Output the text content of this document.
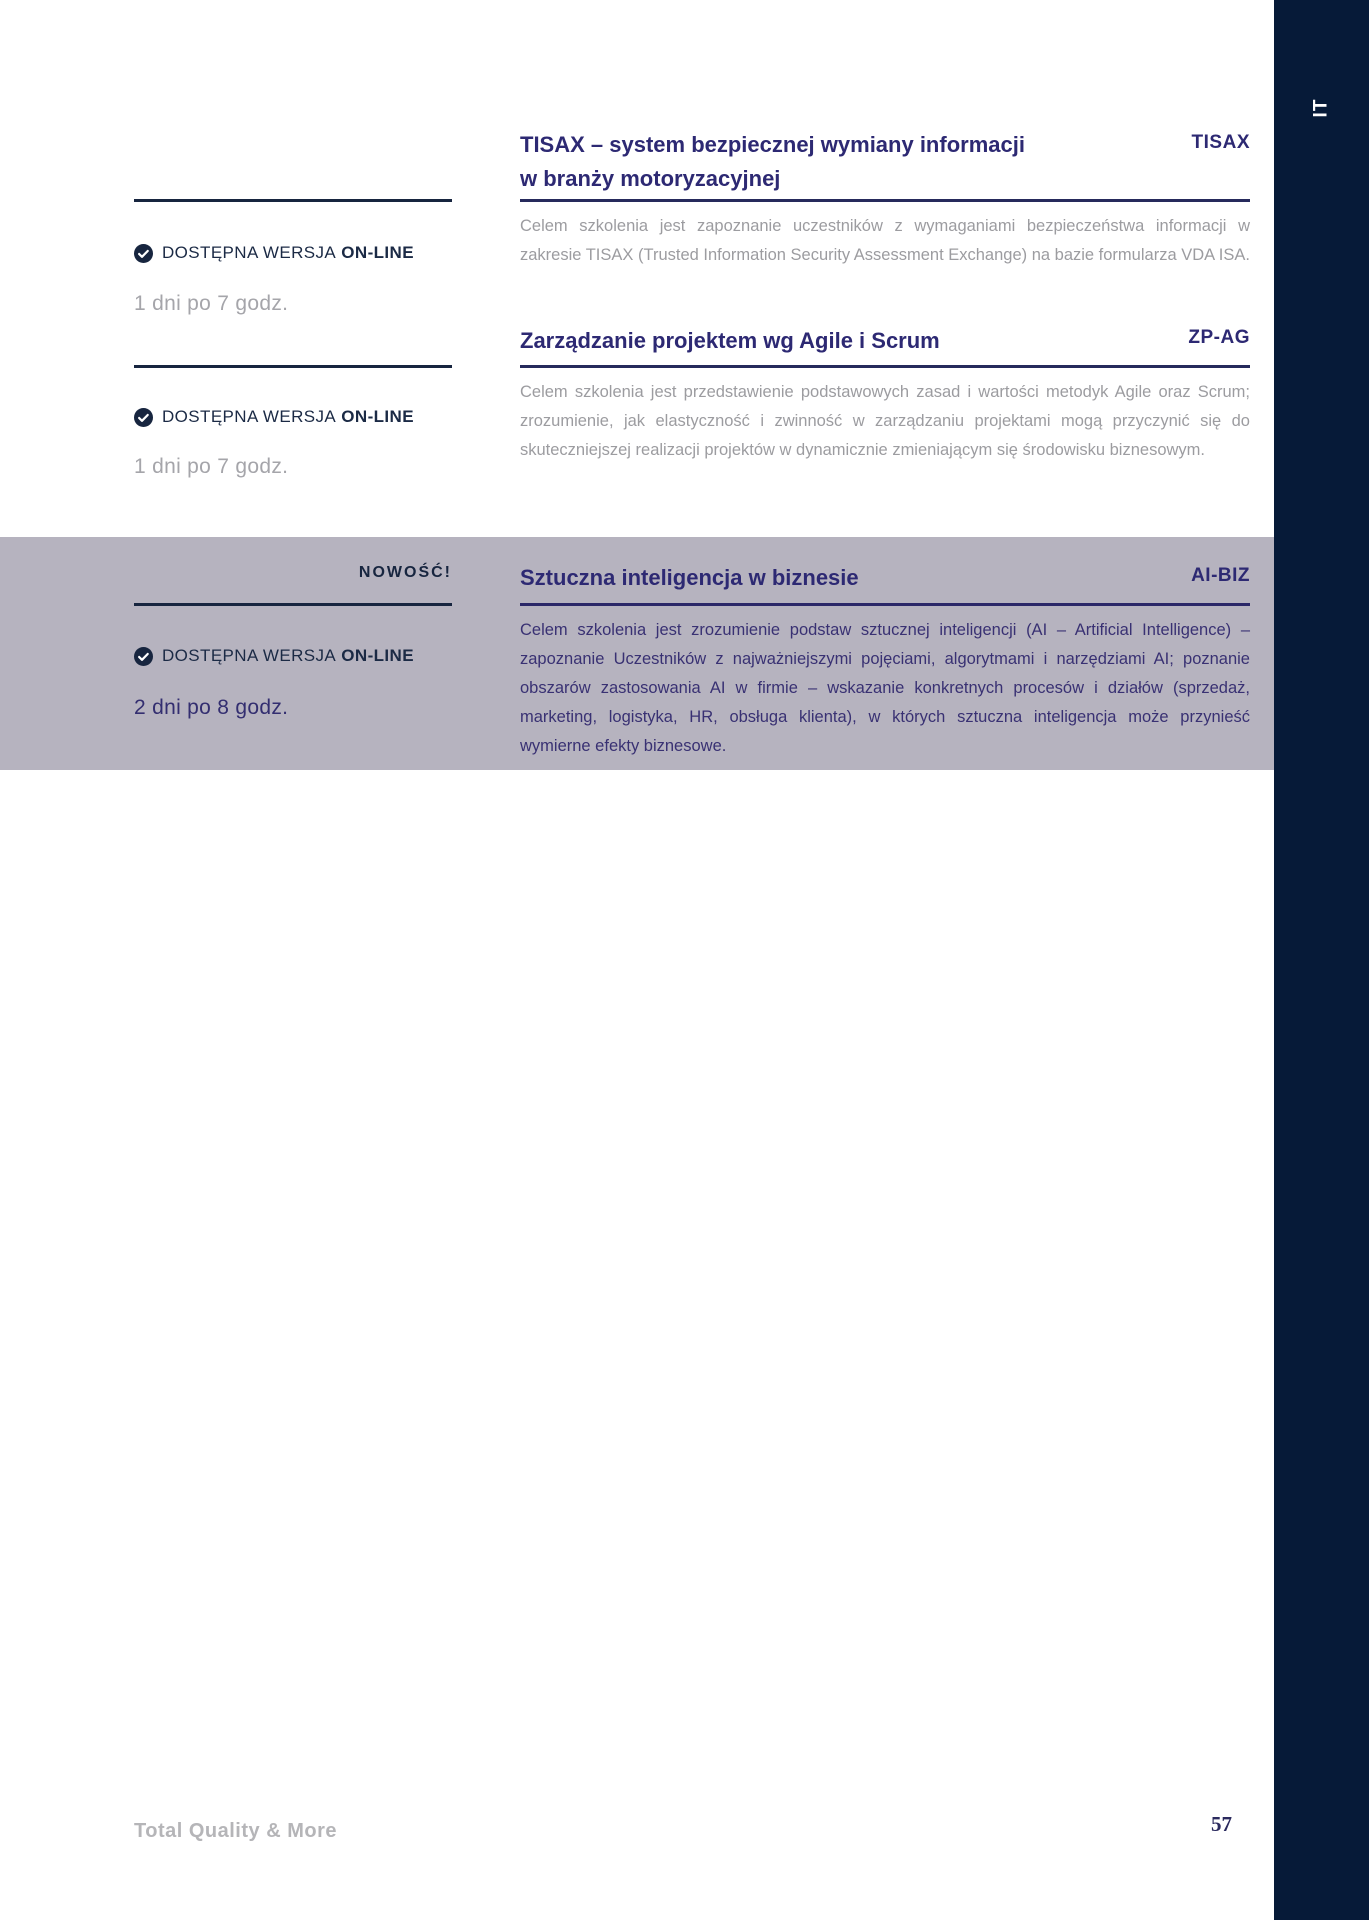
TISAX – system bezpiecznej wymiany informacji
w branży motoryzacyjnej
TISAX
DOSTĘPNA WERSJA ON-LINE
1 dni po 7 godz.

Celem szkolenia jest zapoznanie uczestników z wymaganiami bezpieczeństwa informacji w zakresie TISAX (Trusted Information Security Assessment Exchange) na bazie formularza VDA ISA.

Zarządzanie projektem wg Agile i Scrum	ZP-AG
DOSTĘPNA WERSJA ON-LINE
1 dni po 7 godz.

Celem szkolenia jest przedstawienie podstawowych zasad i wartości metodyk Agile oraz Scrum; zrozumienie, jak elastyczność i zwinność w zarządzaniu projektami mogą przyczynić się do skuteczniejszej realizacji projektów w dynamicznie zmieniającym się środowisku biznesowym.

NOWOŚĆ!	Sztuczna inteligencja w biznesie	AI-BIZ
DOSTĘPNA WERSJA ON-LINE
2 dni po 8 godz.

Celem szkolenia jest zrozumienie podstaw sztucznej inteligencji (AI – Artificial Intelligence) – zapoznanie Uczestników z najważniejszymi pojęciami, algorytmami i narzędziami AI; poznanie obszarów zastosowania AI w firmie – wskazanie konkretnych procesów i działów (sprzedaż, marketing, logistyka, HR, obsługa klienta), w których sztuczna inteligencja może przynieść wymierne efekty biznesowe.

Total Quality & More	57
IT
